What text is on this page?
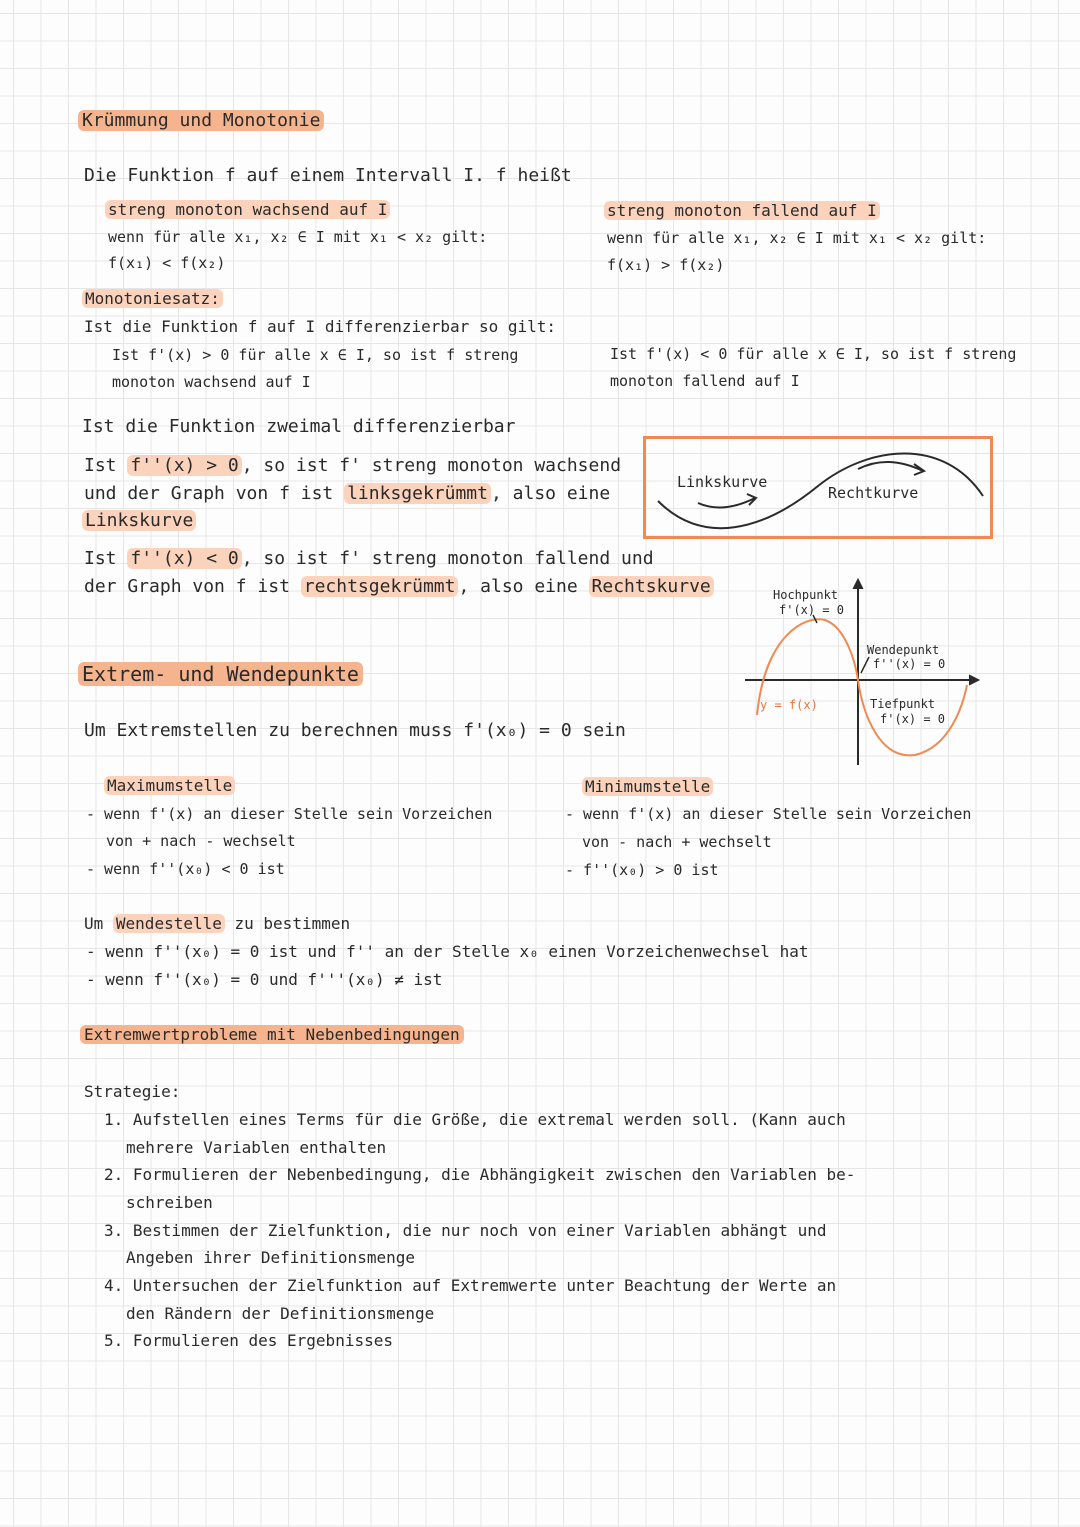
Krümmung und Monotonie
Die Funktion f auf einem Intervall I. f heißt
streng monoton wachsend auf I
wenn für alle x₁, x₂ ∈ I mit x₁ < x₂ gilt:
f(x₁) < f(x₂)
streng monoton fallend auf I
wenn für alle x₁, x₂ ∈ I mit x₁ < x₂ gilt:
f(x₁) > f(x₂)
Monotoniesatz:
Ist die Funktion f auf I differenzierbar so gilt:
Ist f'(x) > 0 für alle x ∈ I, so ist f streng
monoton wachsend auf I
Ist f'(x) < 0 für alle x ∈ I, so ist f streng
monoton fallend auf I
Ist die Funktion zweimal differenzierbar
Ist f''(x) > 0 , so ist f' streng monoton wachsend
und der Graph von f ist linksgekrümmt , also eine
Linkskurve
Ist f''(x) < 0 , so ist f' streng monoton fallend und
der Graph von f ist rechtsgekrümmt , also eine Rechtskurve
Linkskurve
Rechtkurve
Hochpunkt
f'(x) = 0
Wendepunkt
f''(x) = 0
Tiefpunkt
f'(x) = 0
y = f(x)
Extrem- und Wendepunkte
Um Extremstellen zu berechnen muss f'(x₀) = 0 sein
Maximumstelle
- wenn f'(x) an dieser Stelle sein Vorzeichen
von + nach - wechselt
- wenn f''(x₀) < 0 ist
Minimumstelle
- wenn f'(x) an dieser Stelle sein Vorzeichen
von - nach + wechselt
- f''(x₀) > 0 ist
Um Wendestelle zu bestimmen
- wenn f''(x₀) = 0 ist und f'' an der Stelle x₀ einen Vorzeichenwechsel hat
- wenn f''(x₀) = 0 und f'''(x₀) ≠ ist
Extremwertprobleme mit Nebenbedingungen
Strategie:
1. Aufstellen eines Terms für die Größe, die extremal werden soll. (Kann auch
mehrere Variablen enthalten
2. Formulieren der Nebenbedingung, die Abhängigkeit zwischen den Variablen be-
schreiben
3. Bestimmen der Zielfunktion, die nur noch von einer Variablen abhängt und
Angeben ihrer Definitionsmenge
4. Untersuchen der Zielfunktion auf Extremwerte unter Beachtung der Werte an
den Rändern der Definitionsmenge
5. Formulieren des Ergebnisses
